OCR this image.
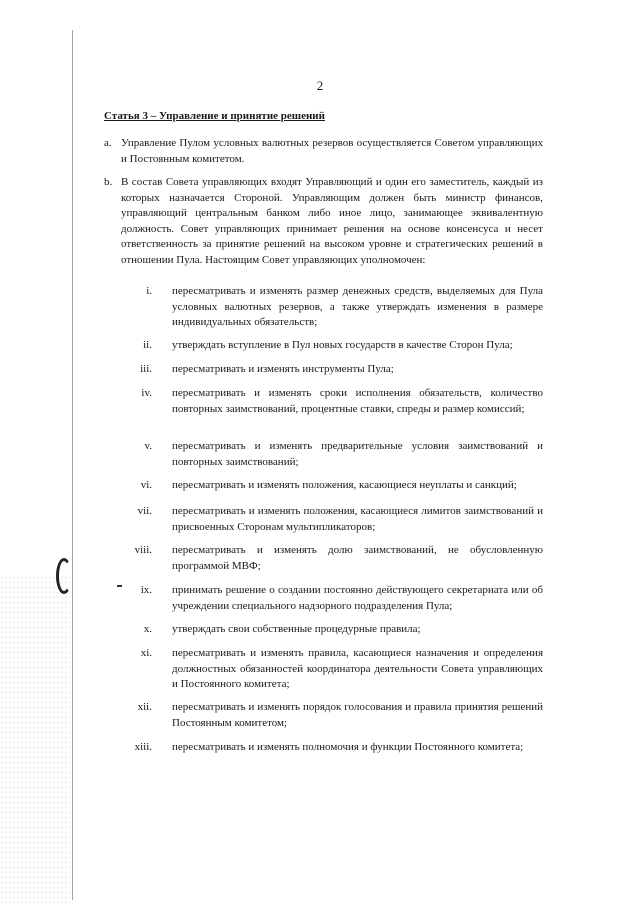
2
Статья 3 – Управление и принятие решений
a. Управление Пулом условных валютных резервов осуществляется Советом управляющих и Постоянным комитетом.
b. В состав Совета управляющих входят Управляющий и один его заместитель, каждый из которых назначается Стороной. Управляющим должен быть министр финансов, управляющий центральным банком либо иное лицо, занимающее эквивалентную должность. Совет управляющих принимает решения на основе консенсуса и несет ответственность за принятие решений на высоком уровне и стратегических решений в отношении Пула. Настоящим Совет управляющих уполномочен:
i. пересматривать и изменять размер денежных средств, выделяемых для Пула условных валютных резервов, а также утверждать изменения в размере индивидуальных обязательств;
ii. утверждать вступление в Пул новых государств в качестве Сторон Пула;
iii. пересматривать и изменять инструменты Пула;
iv. пересматривать и изменять сроки исполнения обязательств, количество повторных заимствований, процентные ставки, спреды и размер комиссий;
v. пересматривать и изменять предварительные условия заимствований и повторных заимствований;
vi. пересматривать и изменять положения, касающиеся неуплаты и санкций;
vii. пересматривать и изменять положения, касающиеся лимитов заимствований и присвоенных Сторонам мультипликаторов;
viii. пересматривать и изменять долю заимствований, не обусловленную программой МВФ;
ix. принимать решение о создании постоянно действующего секретариата или об учреждении специального надзорного подразделения Пула;
x. утверждать свои собственные процедурные правила;
xi. пересматривать и изменять правила, касающиеся назначения и определения должностных обязанностей координатора деятельности Совета управляющих и Постоянного комитета;
xii. пересматривать и изменять порядок голосования и правила принятия решений Постоянным комитетом;
xiii. пересматривать и изменять полномочия и функции Постоянного комитета;
